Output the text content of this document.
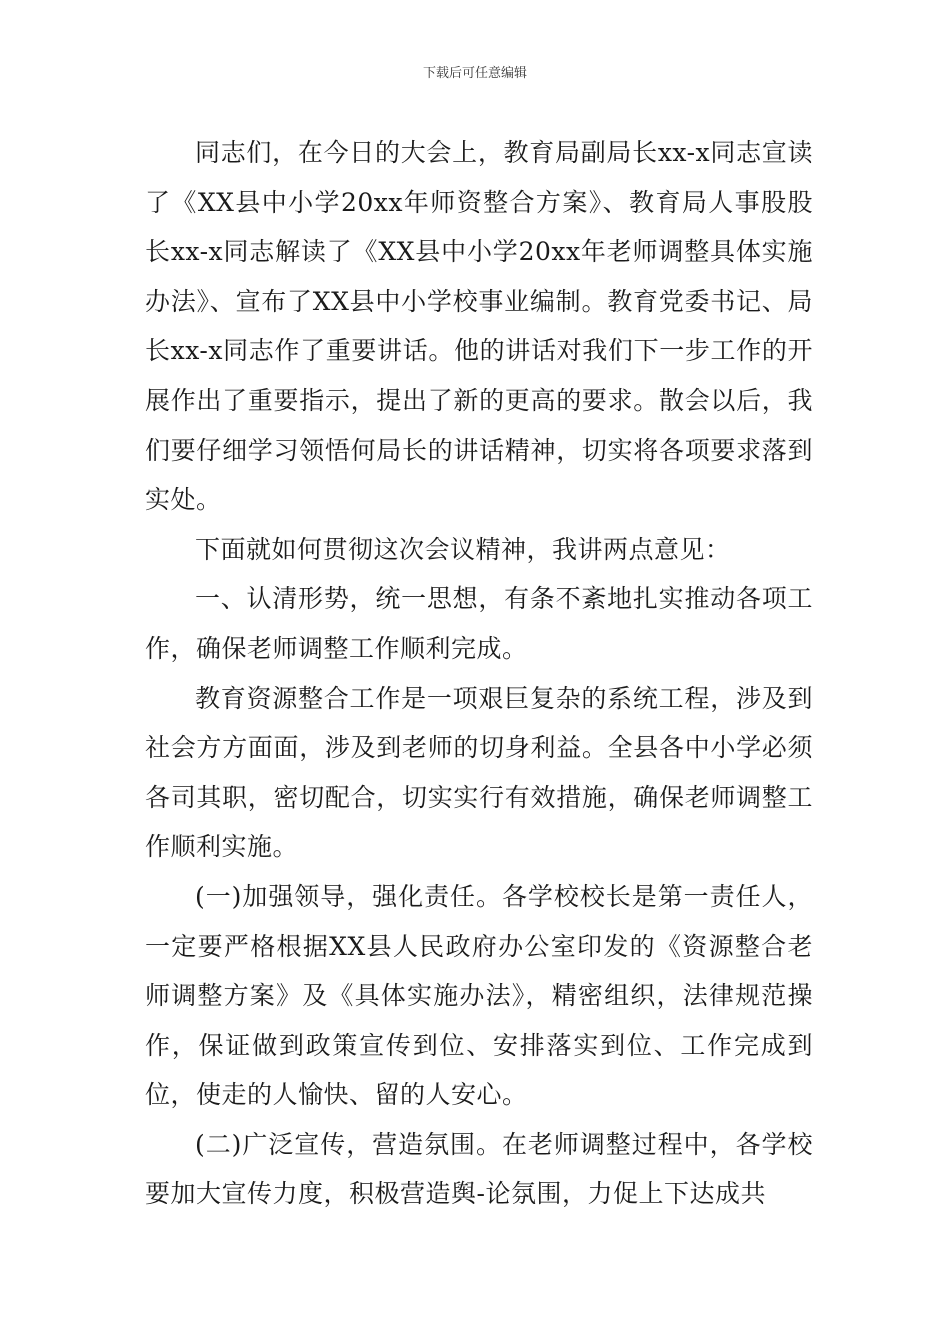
下载后可任意编辑

同志们，在今日的大会上，教育局副局长xx-x同志宣读了《XX县中小学20xx年师资整合方案》、教育局人事股股长xx-x同志解读了《XX县中小学20xx年老师调整具体实施办法》、宣布了XX县中小学校事业编制。教育党委书记、局长xx-x同志作了重要讲话。他的讲话对我们下一步工作的开展作出了重要指示，提出了新的更高的要求。散会以后，我们要仔细学习领悟何局长的讲话精神，切实将各项要求落到实处。

下面就如何贯彻这次会议精神，我讲两点意见：

一、认清形势，统一思想，有条不紊地扎实推动各项工作，确保老师调整工作顺利完成。

教育资源整合工作是一项艰巨复杂的系统工程，涉及到社会方方面面，涉及到老师的切身利益。全县各中小学必须各司其职，密切配合，切实实行有效措施，确保老师调整工作顺利实施。

(一)加强领导，强化责任。各学校校长是第一责任人，一定要严格根据XX县人民政府办公室印发的《资源整合老师调整方案》及《具体实施办法》，精密组织，法律规范操作，保证做到政策宣传到位、安排落实到位、工作完成到位，使走的人愉快、留的人安心。

(二)广泛宣传，营造氛围。在老师调整过程中，各学校要加大宣传力度，积极营造舆-论氛围，力促上下达成共
